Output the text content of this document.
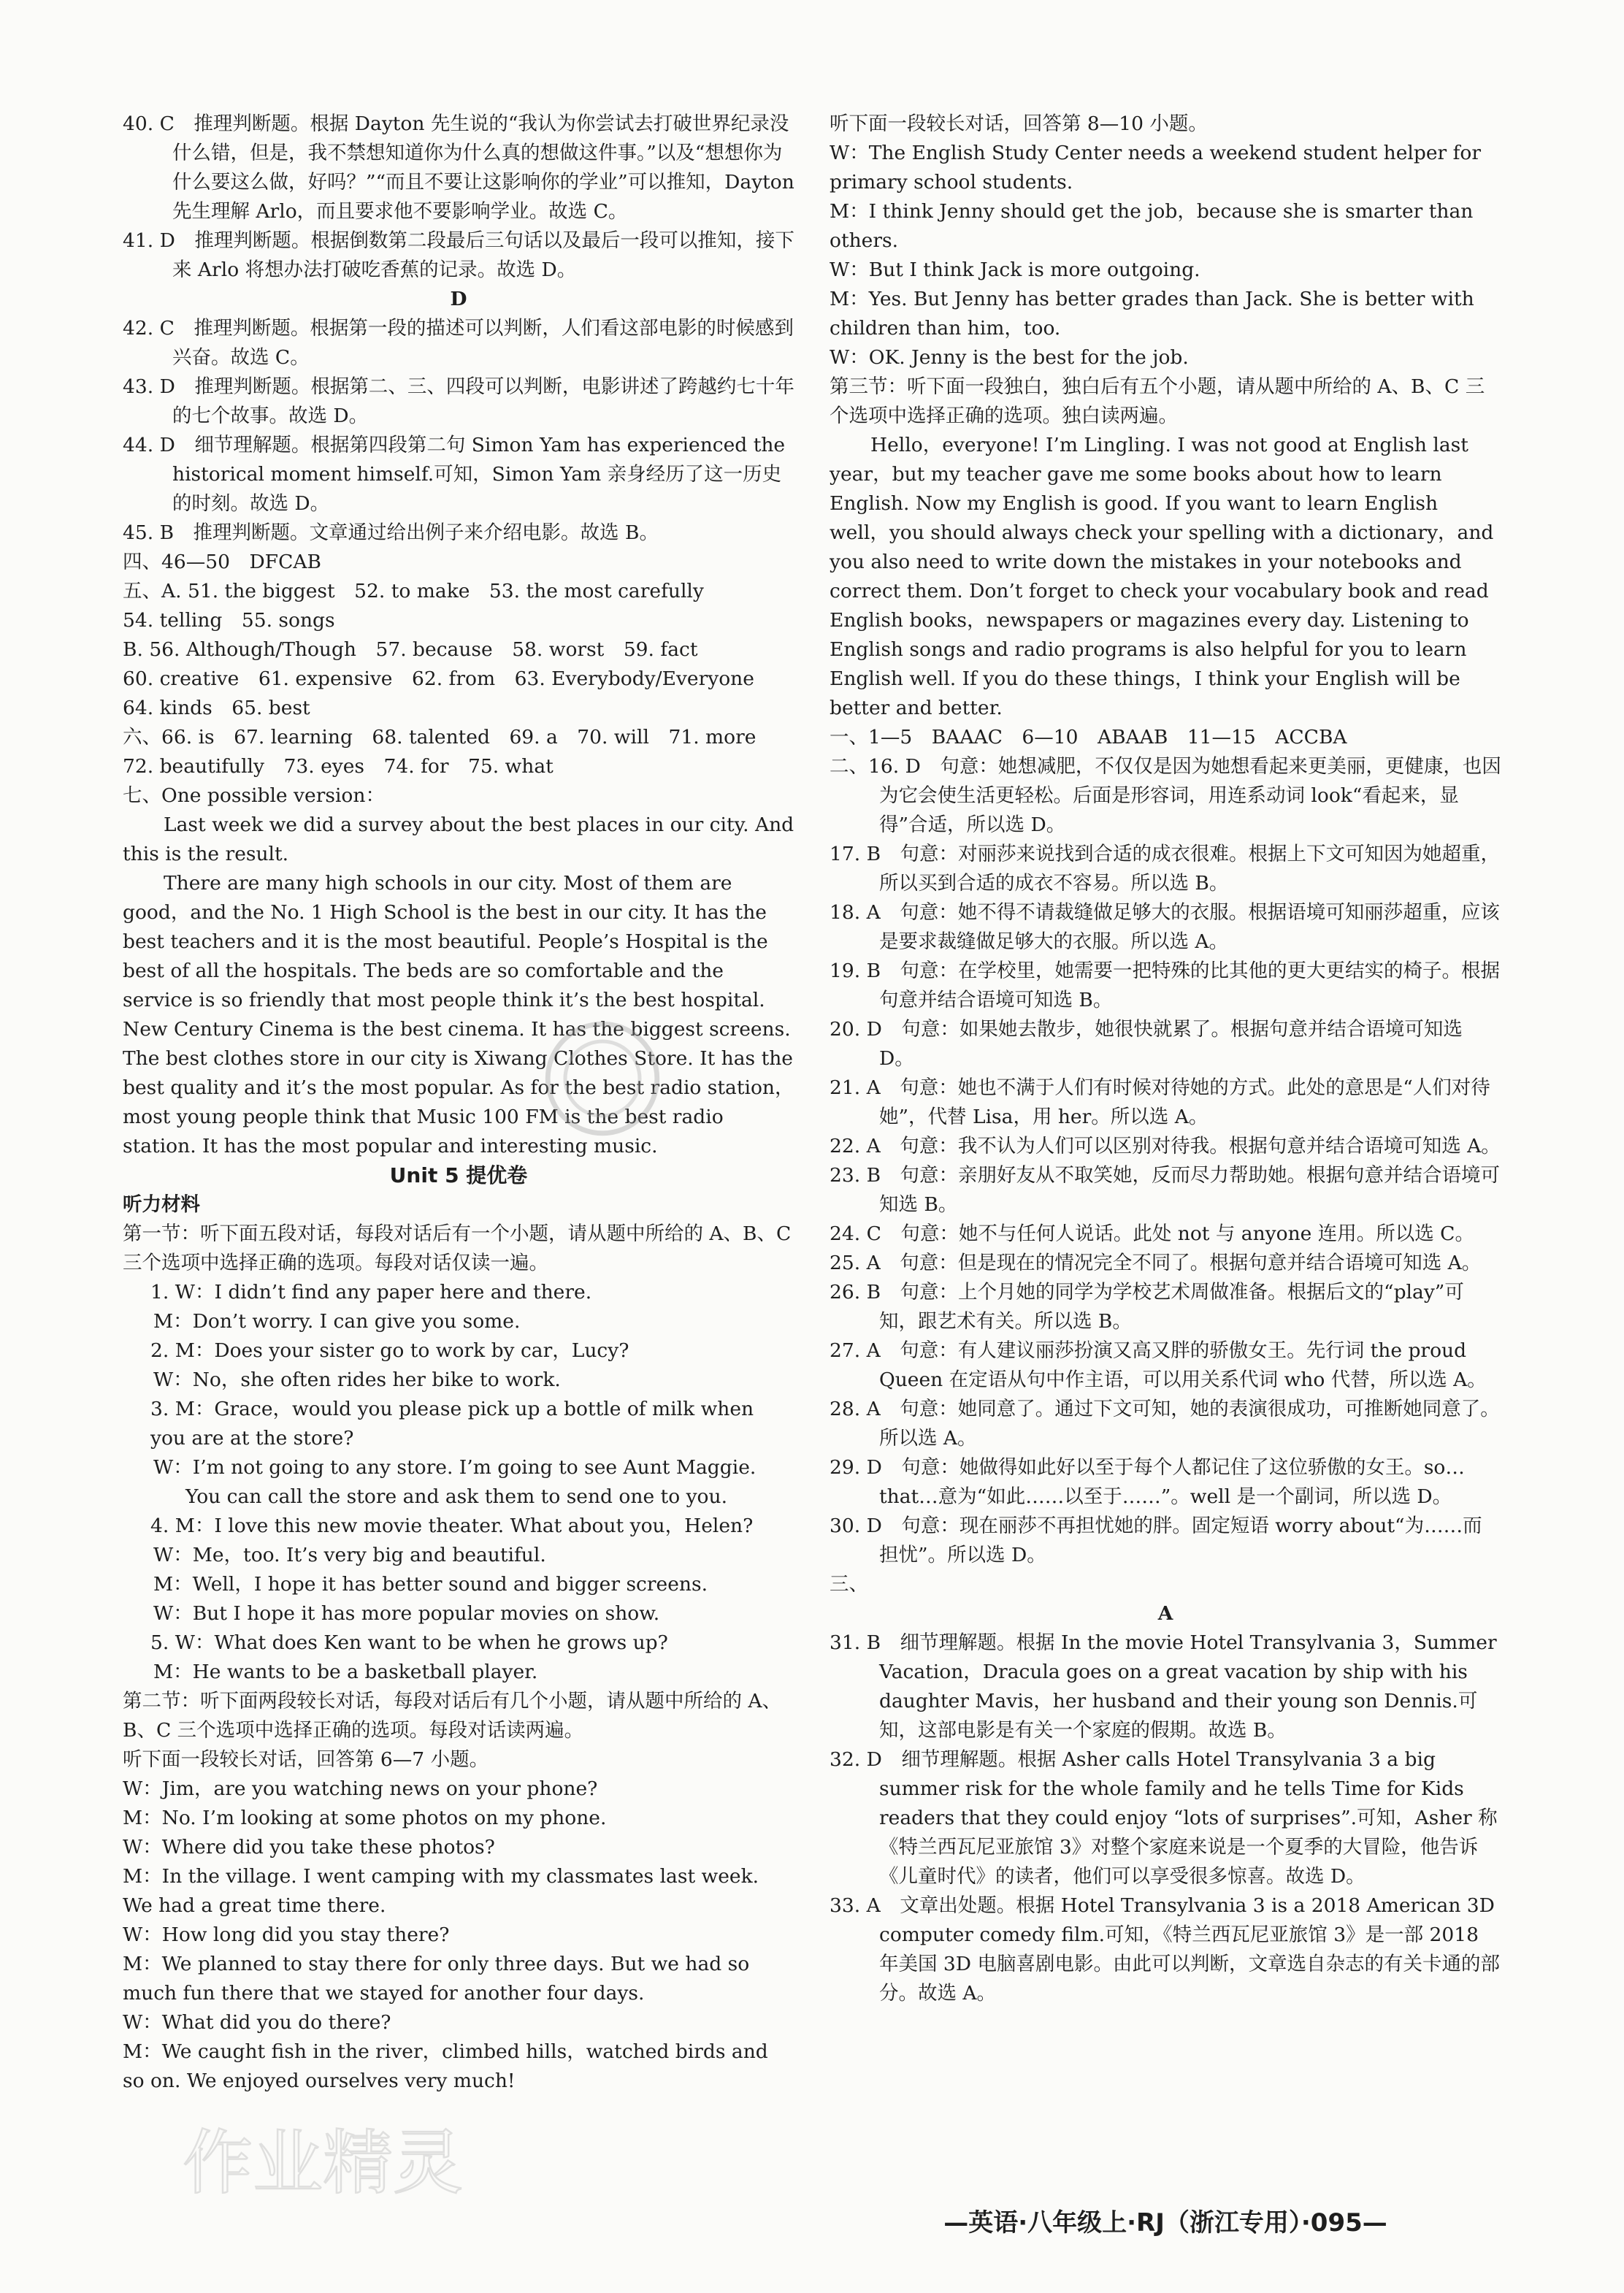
40. C　推理判断题。根据 Dayton 先生说的“我认为你尝试去打破世界纪录没什么错，但是，我不禁想知道你为什么真的想做这件事。”以及“想想你为什么要这么做，好吗？”“而且不要让这影响你的学业”可以推知，Dayton 先生理解 Arlo，而且要求他不要影响学业。故选 C。

41. D　推理判断题。根据倒数第二段最后三句话以及最后一段可以推知，接下来 Arlo 将想办法打破吃香蕉的记录。故选 D。

D

42. C　推理判断题。根据第一段的描述可以判断，人们看这部电影的时候感到兴奋。故选 C。

43. D　推理判断题。根据第二、三、四段可以判断，电影讲述了跨越约七十年的七个故事。故选 D。

44. D　细节理解题。根据第四段第二句 Simon Yam has experienced the historical moment himself.可知，Simon Yam 亲身经历了这一历史的时刻。故选 D。

45. B　推理判断题。文章通过给出例子来介绍电影。故选 B。

四、46—50　DFCAB

五、A. 51. the biggest　52. to make　53. the most carefully

54. telling　55. songs

B. 56. Although/Though　57. because　58. worst　59. fact

60. creative　61. expensive　62. from　63. Everybody/Everyone

64. kinds　65. best

六、66. is　67. learning　68. talented　69. a　70. will　71. more

72. beautifully　73. eyes　74. for　75. what

七、One possible version：

Last week we did a survey about the best places in our city. And this is the result.

There are many high schools in our city. Most of them are good，and the No. 1 High School is the best in our city. It has the best teachers and it is the most beautiful. People’s Hospital is the best of all the hospitals. The beds are so comfortable and the service is so friendly that most people think it’s the best hospital. New Century Cinema is the best cinema. It has the biggest screens. The best clothes store in our city is Xiwang Clothes Store. It has the best quality and it’s the most popular. As for the best radio station，most young people think that Music 100 FM is the best radio station. It has the most popular and interesting music.

Unit 5 提优卷

听力材料

第一节：听下面五段对话，每段对话后有一个小题，请从题中所给的 A、B、C 三个选项中选择正确的选项。每段对话仅读一遍。

1. W：I didn’t find any paper here and there.

M：Don’t worry. I can give you some.

2. M：Does your sister go to work by car，Lucy?

W：No，she often rides her bike to work.

3. M：Grace，would you please pick up a bottle of milk when you are at the store?

W：I’m not going to any store. I’m going to see Aunt Maggie. You can call the store and ask them to send one to you.

4. M：I love this new movie theater. What about you，Helen?

W：Me，too. It’s very big and beautiful.

M：Well，I hope it has better sound and bigger screens.

W：But I hope it has more popular movies on show.

5. W：What does Ken want to be when he grows up?

M：He wants to be a basketball player.

第二节：听下面两段较长对话，每段对话后有几个小题，请从题中所给的 A、B、C 三个选项中选择正确的选项。每段对话读两遍。

听下面一段较长对话，回答第 6—7 小题。

W：Jim，are you watching news on your phone?

M：No. I’m looking at some photos on my phone.

W：Where did you take these photos?

M：In the village. I went camping with my classmates last week. We had a great time there.

W：How long did you stay there?

M：We planned to stay there for only three days. But we had so much fun there that we stayed for another four days.

W：What did you do there?

M：We caught fish in the river，climbed hills，watched birds and so on. We enjoyed ourselves very much!

听下面一段较长对话，回答第 8—10 小题。

W：The English Study Center needs a weekend student helper for primary school students.

M：I think Jenny should get the job，because she is smarter than others.

W：But I think Jack is more outgoing.

M：Yes. But Jenny has better grades than Jack. She is better with children than him，too.

W：OK. Jenny is the best for the job.

第三节：听下面一段独白，独白后有五个小题，请从题中所给的 A、B、C 三个选项中选择正确的选项。独白读两遍。

Hello，everyone! I’m Lingling. I was not good at English last year，but my teacher gave me some books about how to learn English. Now my English is good. If you want to learn English well，you should always check your spelling with a dictionary，and you also need to write down the mistakes in your notebooks and correct them. Don’t forget to check your vocabulary book and read English books，newspapers or magazines every day. Listening to English songs and radio programs is also helpful for you to learn English well. If you do these things，I think your English will be better and better.

一、1—5　BAAAC　6—10　ABAAB　11—15　ACCBA

二、16. D　句意：她想减肥，不仅仅是因为她想看起来更美丽，更健康，也因为它会使生活更轻松。后面是形容词，用连系动词 look“看起来，显得”合适，所以选 D。

17. B　句意：对丽莎来说找到合适的成衣很难。根据上下文可知因为她超重，所以买到合适的成衣不容易。所以选 B。

18. A　句意：她不得不请裁缝做足够大的衣服。根据语境可知丽莎超重，应该是要求裁缝做足够大的衣服。所以选 A。

19. B　句意：在学校里，她需要一把特殊的比其他的更大更结实的椅子。根据句意并结合语境可知选 B。

20. D　句意：如果她去散步，她很快就累了。根据句意并结合语境可知选 D。

21. A　句意：她也不满于人们有时候对待她的方式。此处的意思是“人们对待她”，代替 Lisa，用 her。所以选 A。

22. A　句意：我不认为人们可以区别对待我。根据句意并结合语境可知选 A。

23. B　句意：亲朋好友从不取笑她，反而尽力帮助她。根据句意并结合语境可知选 B。

24. C　句意：她不与任何人说话。此处 not 与 anyone 连用。所以选 C。

25. A　句意：但是现在的情况完全不同了。根据句意并结合语境可知选 A。

26. B　句意：上个月她的同学为学校艺术周做准备。根据后文的“play”可知，跟艺术有关。所以选 B。

27. A　句意：有人建议丽莎扮演又高又胖的骄傲女王。先行词 the proud Queen 在定语从句中作主语，可以用关系代词 who 代替，所以选 A。

28. A　句意：她同意了。通过下文可知，她的表演很成功，可推断她同意了。所以选 A。

29. D　句意：她做得如此好以至于每个人都记住了这位骄傲的女王。so…that…意为“如此……以至于……”。well 是一个副词，所以选 D。

30. D　句意：现在丽莎不再担忧她的胖。固定短语 worry about“为……而担忧”。所以选 D。

三、

A

31. B　细节理解题。根据 In the movie Hotel Transylvania 3，Summer Vacation，Dracula goes on a great vacation by ship with his daughter Mavis，her husband and their young son Dennis.可知，这部电影是有关一个家庭的假期。故选 B。

32. D　细节理解题。根据 Asher calls Hotel Transylvania 3 a big summer risk for the whole family and he tells Time for Kids readers that they could enjoy “lots of surprises”.可知，Asher 称《特兰西瓦尼亚旅馆 3》对整个家庭来说是一个夏季的大冒险，他告诉《儿童时代》的读者，他们可以享受很多惊喜。故选 D。

33. A　文章出处题。根据 Hotel Transylvania 3 is a 2018 American 3D computer comedy film.可知，《特兰西瓦尼亚旅馆 3》是一部 2018 年美国 3D 电脑喜剧电影。由此可以判断，文章选自杂志的有关卡通的部分。故选 A。

—英语·八年级上·RJ（浙江专用）·095—
作业精灵
